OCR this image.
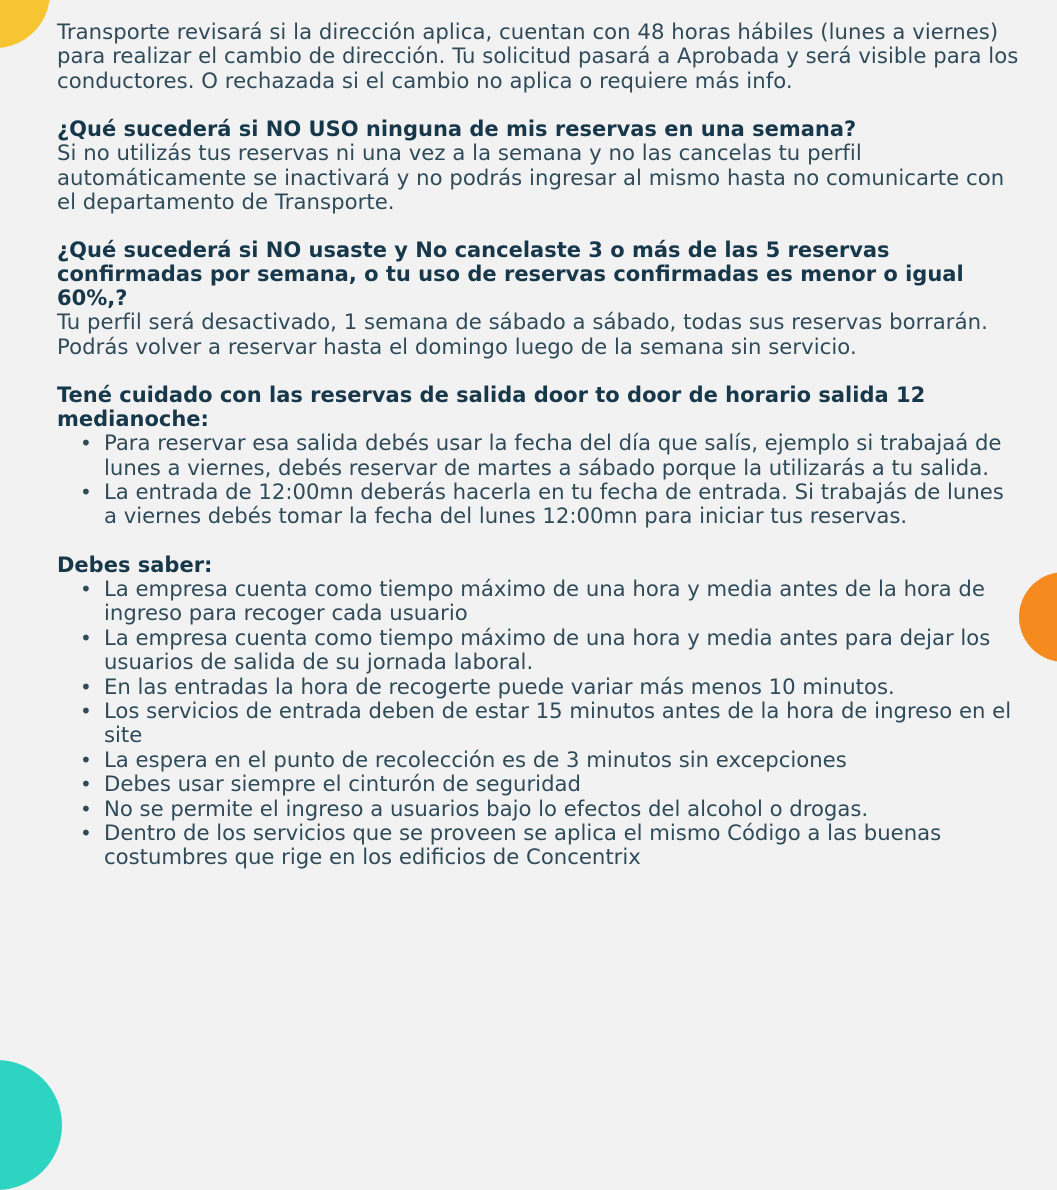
Transporte revisará si la dirección aplica, cuentan con 48 horas hábiles (lunes a viernes) para realizar el cambio de dirección. Tu solicitud pasará a Aprobada y será visible para los conductores. O rechazada si el cambio no aplica o requiere más info.

¿Qué sucederá si NO USO ninguna de mis reservas en una semana?

Si no utilizás tus reservas ni una vez a la semana y no las cancelas tu perfil automáticamente se inactivará y no podrás ingresar al mismo hasta no comunicarte con el departamento de Transporte.

¿Qué sucederá si NO usaste y No cancelaste 3 o más de las 5 reservas confirmadas por semana, o tu uso de reservas confirmadas es menor o igual 60%,?

Tu perfil será desactivado, 1 semana de sábado a sábado, todas sus reservas borrarán. Podrás volver a reservar hasta el domingo luego de la semana sin servicio.

Tené cuidado con las reservas de salida door to door de horario salida 12 medianoche:
• Para reservar esa salida debés usar la fecha del día que salís, ejemplo si trabajaá de lunes a viernes, debés reservar de martes a sábado porque la utilizarás a tu salida.
• La entrada de 12:00mn deberás hacerla en tu fecha de entrada. Si trabajás de lunes a viernes debés tomar la fecha del lunes 12:00mn para iniciar tus reservas.
Debes saber:
• La empresa cuenta como tiempo máximo de una hora y media antes de la hora de ingreso para recoger cada usuario
• La empresa cuenta como tiempo máximo de una hora y media antes para dejar los usuarios de salida de su jornada laboral.
• En las entradas la hora de recogerte puede variar más menos 10 minutos.
• Los servicios de entrada deben de estar 15 minutos antes de la hora de ingreso en el site
• La espera en el punto de recolección es de 3 minutos sin excepciones
• Debes usar siempre el cinturón de seguridad
• No se permite el ingreso a usuarios bajo lo efectos del alcohol o drogas.
• Dentro de los servicios que se proveen se aplica el mismo Código a las buenas costumbres que rige en los edificios de Concentrix
